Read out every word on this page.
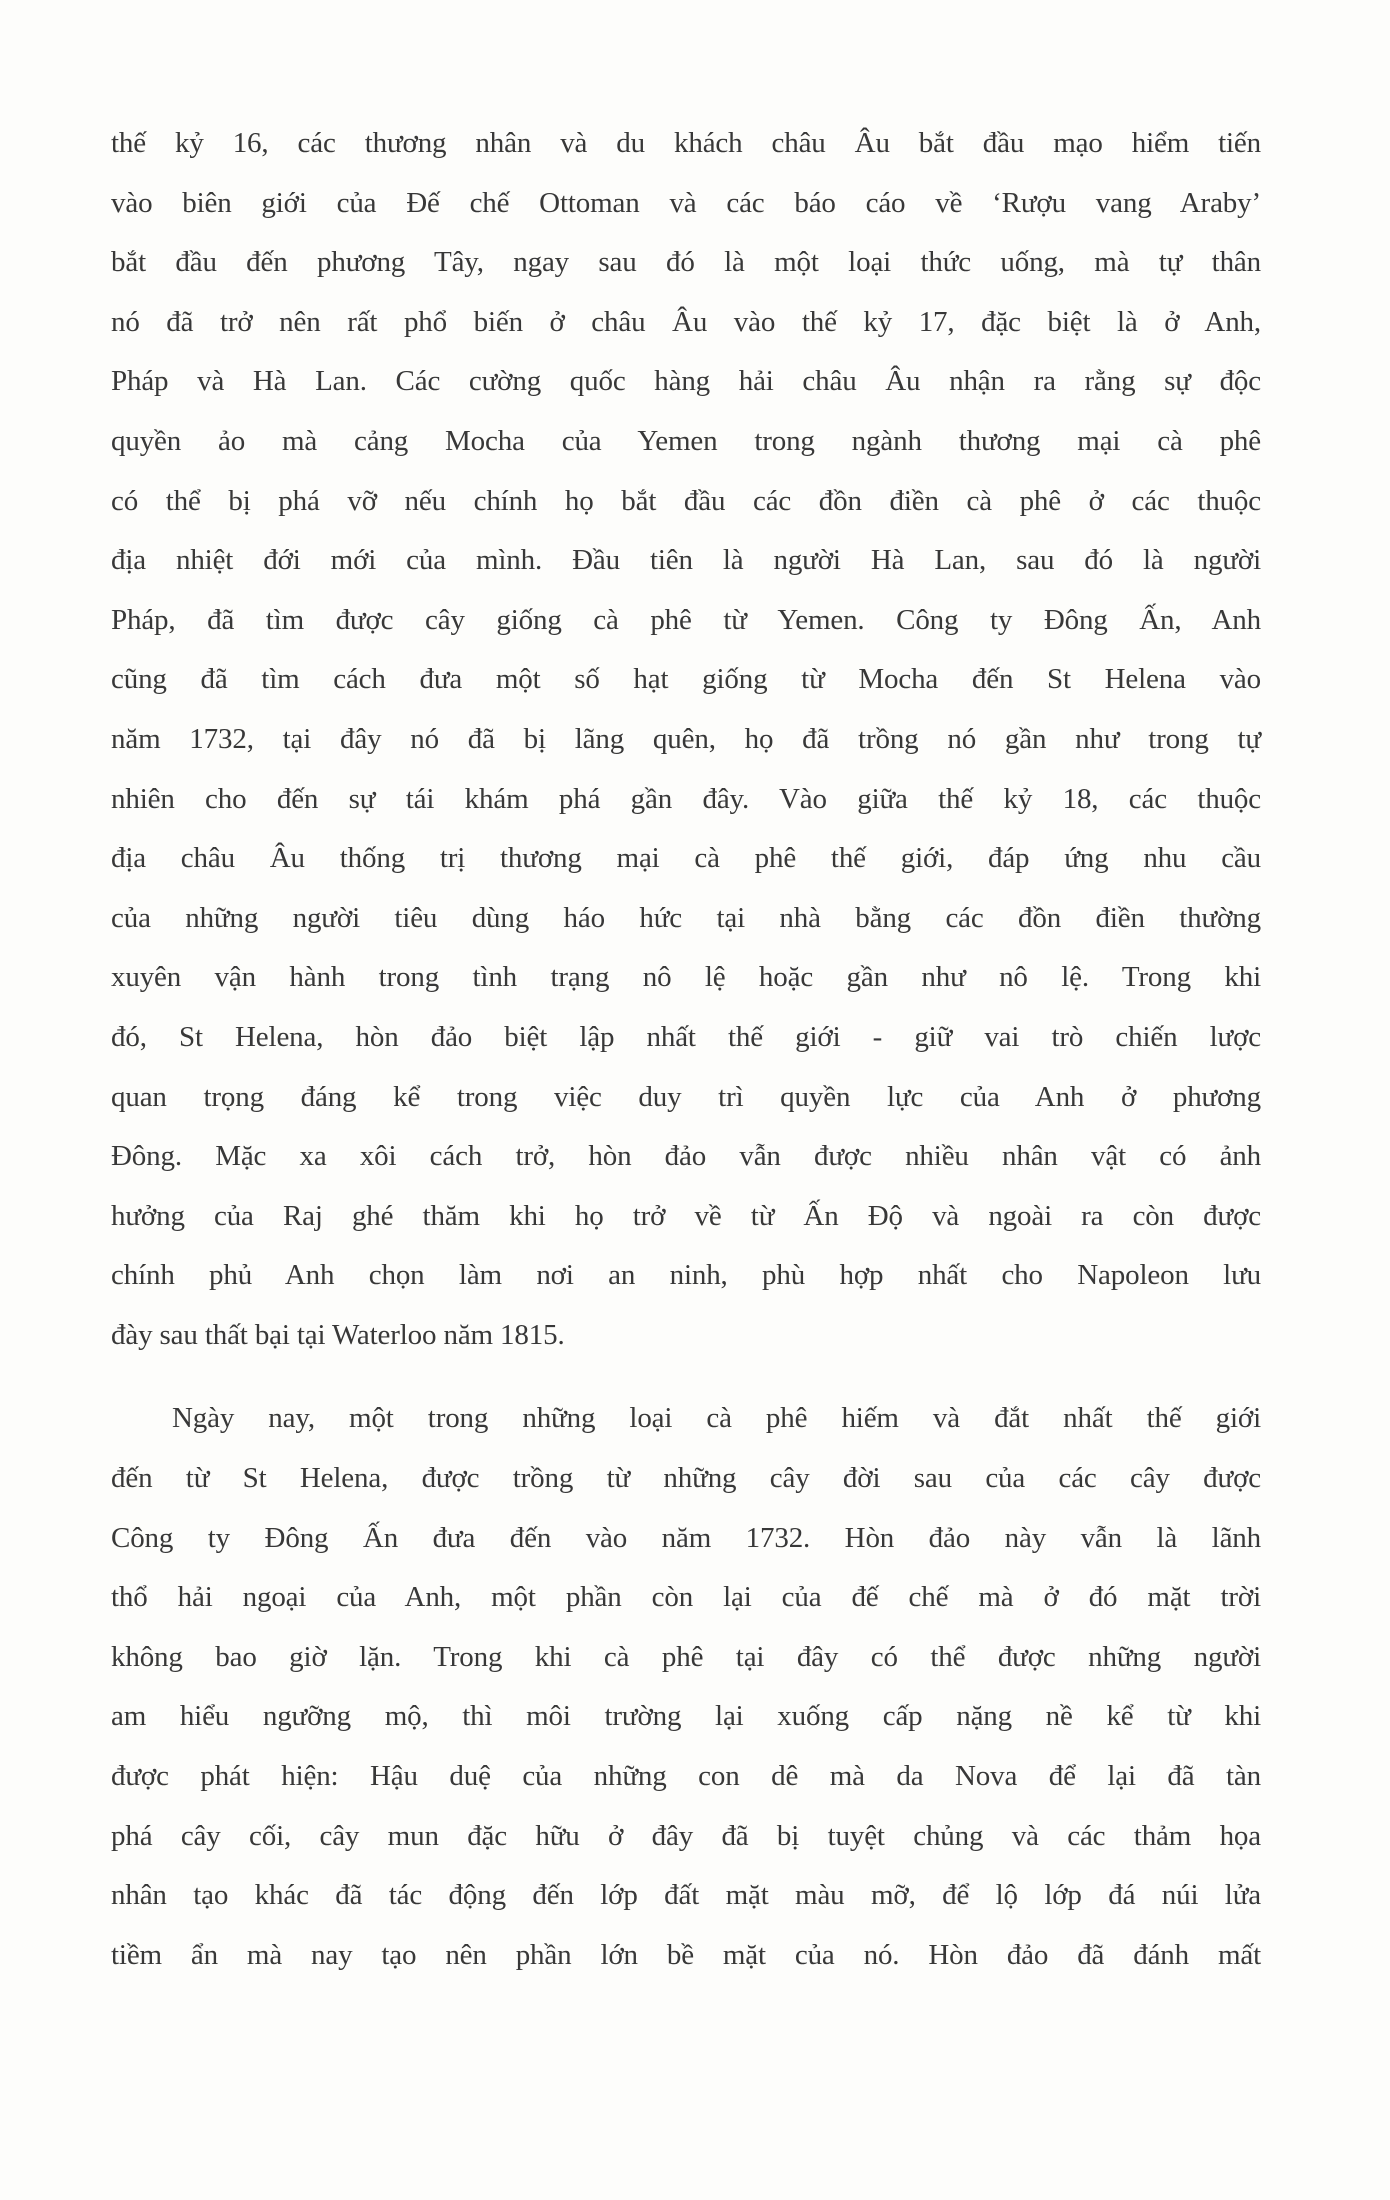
thế kỷ 16, các thương nhân và du khách châu Âu bắt đầu mạo hiểm tiến
vào biên giới của Đế chế Ottoman và các báo cáo về ‘Rượu vang Araby’
bắt đầu đến phương Tây, ngay sau đó là một loại thức uống, mà tự thân
nó đã trở nên rất phổ biến ở châu Âu vào thế kỷ 17, đặc biệt là ở Anh,
Pháp và Hà Lan. Các cường quốc hàng hải châu Âu nhận ra rằng sự độc
quyền ảo mà cảng Mocha của Yemen trong ngành thương mại cà phê
có thể bị phá vỡ nếu chính họ bắt đầu các đồn điền cà phê ở các thuộc
địa nhiệt đới mới của mình. Đầu tiên là người Hà Lan, sau đó là người
Pháp, đã tìm được cây giống cà phê từ Yemen. Công ty Đông Ấn, Anh
cũng đã tìm cách đưa một số hạt giống từ Mocha đến St Helena vào
năm 1732, tại đây nó đã bị lãng quên, họ đã trồng nó gần như trong tự
nhiên cho đến sự tái khám phá gần đây. Vào giữa thế kỷ 18, các thuộc
địa châu Âu thống trị thương mại cà phê thế giới, đáp ứng nhu cầu
của những người tiêu dùng háo hức tại nhà bằng các đồn điền thường
xuyên vận hành trong tình trạng nô lệ hoặc gần như nô lệ. Trong khi
đó, St Helena, hòn đảo biệt lập nhất thế giới - giữ vai trò chiến lược
quan trọng đáng kể trong việc duy trì quyền lực của Anh ở phương
Đông. Mặc xa xôi cách trở, hòn đảo vẫn được nhiều nhân vật có ảnh
hưởng của Raj ghé thăm khi họ trở về từ Ấn Độ và ngoài ra còn được
chính phủ Anh chọn làm nơi an ninh, phù hợp nhất cho Napoleon lưu
đày sau thất bại tại Waterloo năm 1815.

Ngày nay, một trong những loại cà phê hiếm và đắt nhất thế giới
đến từ St Helena, được trồng từ những cây đời sau của các cây được
Công ty Đông Ấn đưa đến vào năm 1732. Hòn đảo này vẫn là lãnh
thổ hải ngoại của Anh, một phần còn lại của đế chế mà ở đó mặt trời
không bao giờ lặn. Trong khi cà phê tại đây có thể được những người
am hiểu ngưỡng mộ, thì môi trường lại xuống cấp nặng nề kể từ khi
được phát hiện: Hậu duệ của những con dê mà da Nova để lại đã tàn
phá cây cối, cây mun đặc hữu ở đây đã bị tuyệt chủng và các thảm họa
nhân tạo khác đã tác động đến lớp đất mặt màu mỡ, để lộ lớp đá núi lửa
tiềm ẩn mà nay tạo nên phần lớn bề mặt của nó. Hòn đảo đã đánh mất
